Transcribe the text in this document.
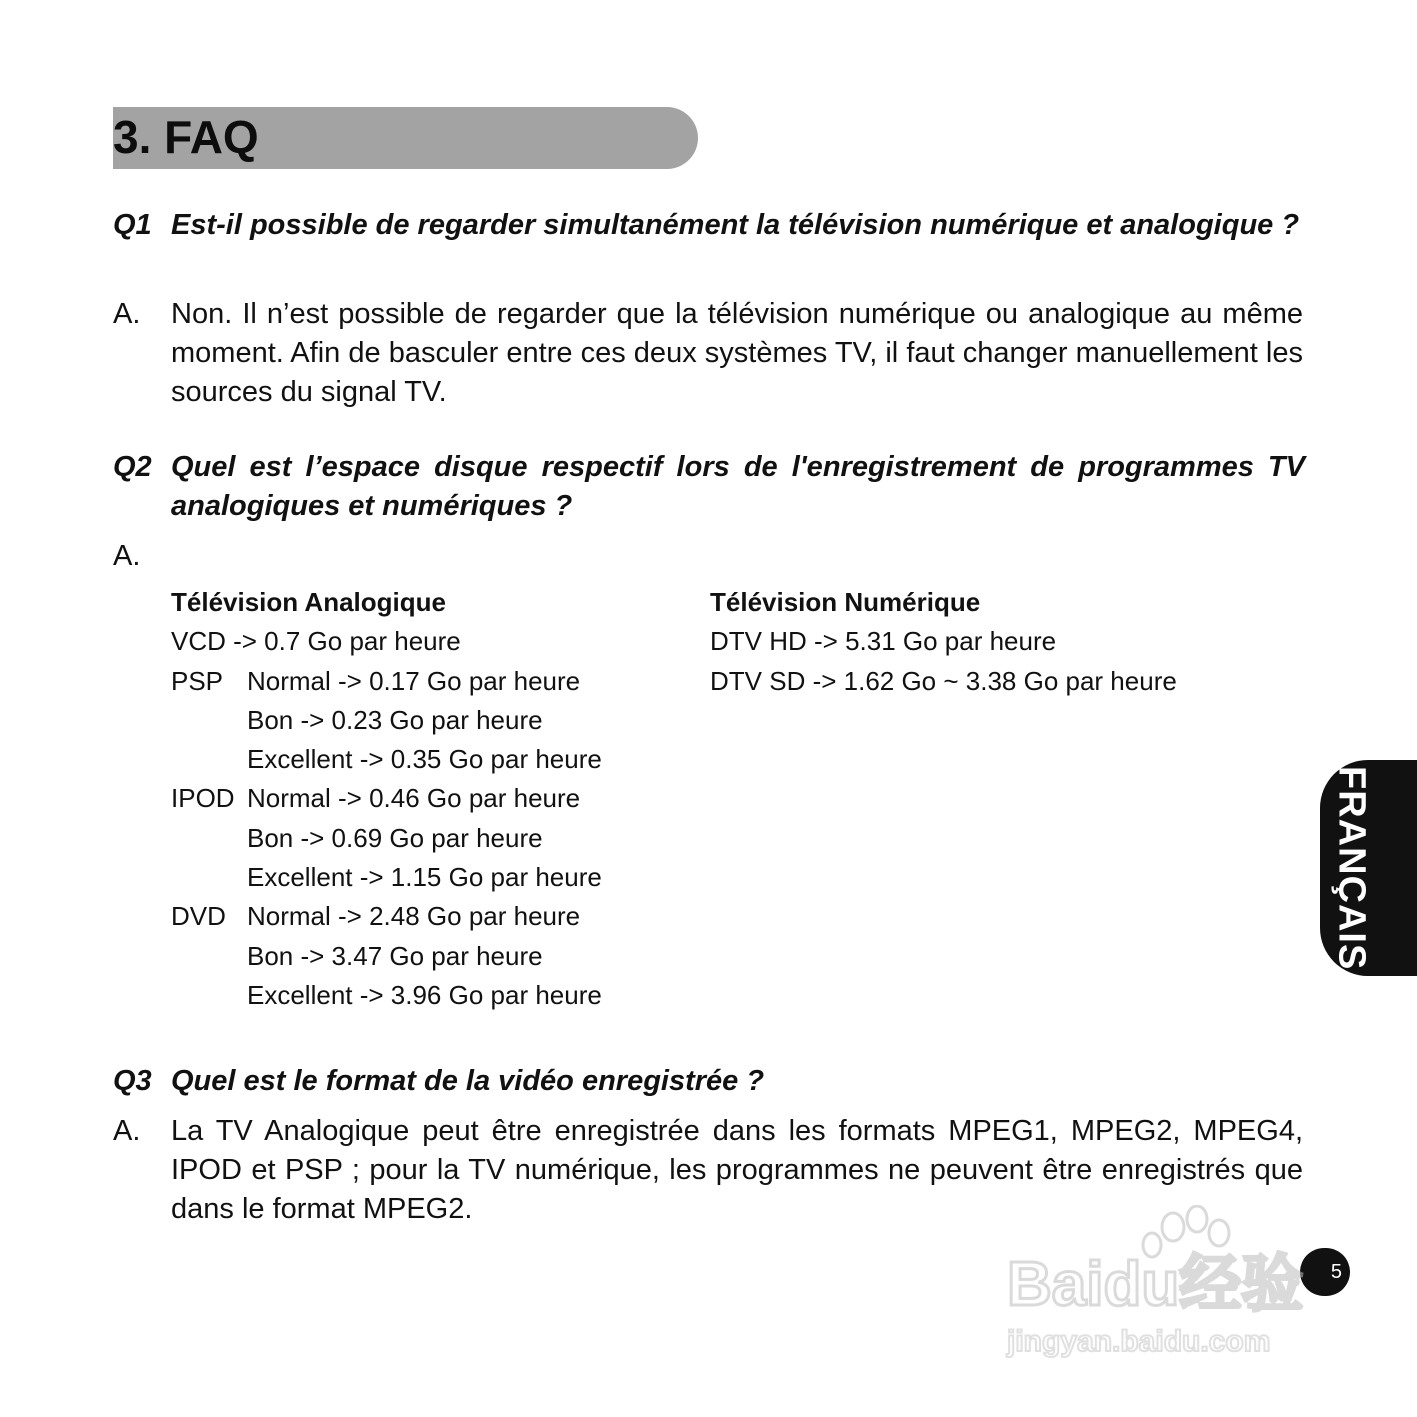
3. FAQ
Q1 Est-il possible de regarder simultanément la télévision numérique et analogique ?
A.	Non. Il n’est possible de regarder que la télévision numérique ou analogique au même moment. Afin de basculer entre ces deux systèmes TV, il faut changer manuellement les sources du signal TV.
Q2 Quel est l’espace disque respectif lors de l'enregistrement de programmes TV analogiques et numériques ?
A.
Télévision Analogique
VCD -> 0.7 Go par heure
PSP Normal -> 0.17 Go par heure
Bon -> 0.23 Go par heure
Excellent -> 0.35 Go par heure
IPOD Normal -> 0.46 Go par heure
Bon -> 0.69 Go par heure
Excellent -> 1.15 Go par heure
DVD Normal -> 2.48 Go par heure
Bon -> 3.47 Go par heure
Excellent -> 3.96 Go par heure
Télévision Numérique
DTV HD -> 5.31 Go par heure
DTV SD -> 1.62 Go ~ 3.38 Go par heure
Q3 Quel est le format de la vidéo enregistrée ?
A.	La TV Analogique peut être enregistrée dans les formats MPEG1, MPEG2, MPEG4, IPOD et PSP ; pour la TV numérique, les programmes ne peuvent être enregistrés que dans le format MPEG2.
FRANÇAIS
5
Baidu经验
jingyan.baidu.com
